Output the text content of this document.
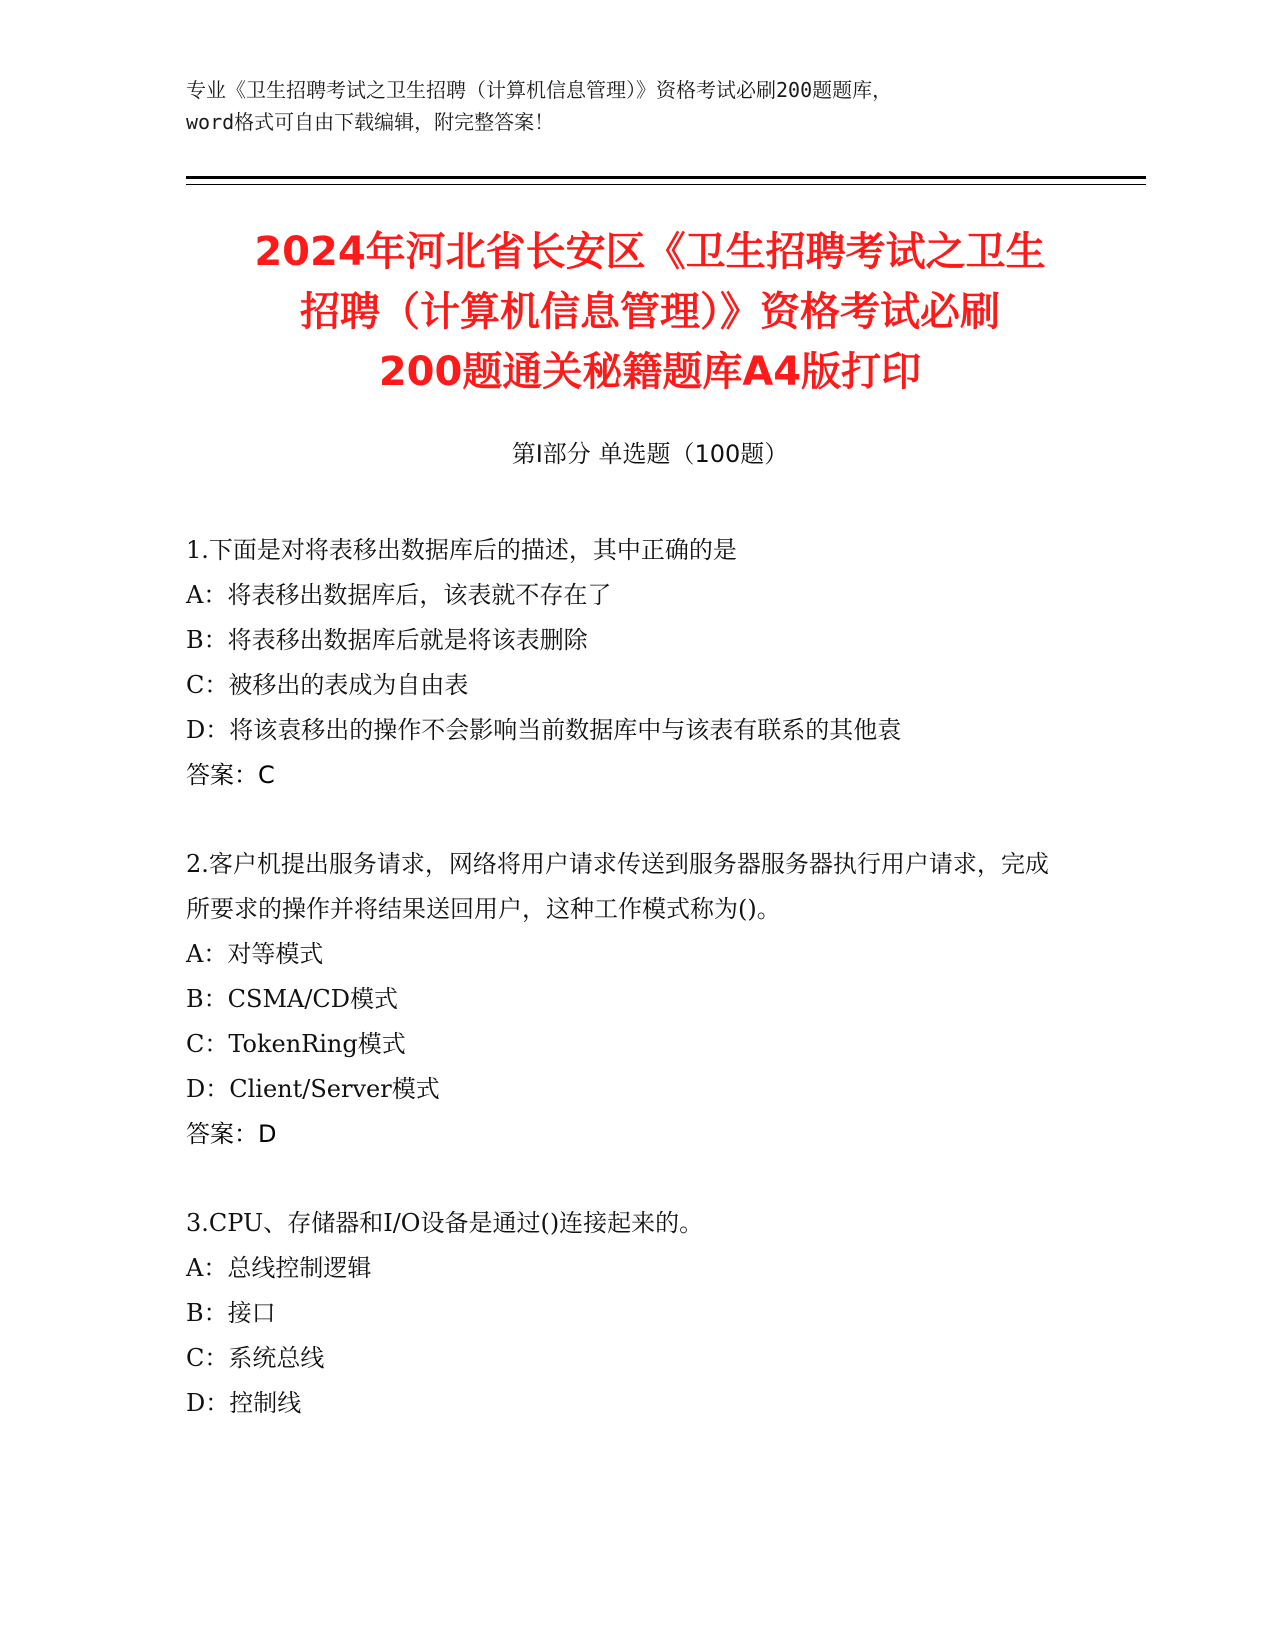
专业《卫生招聘考试之卫生招聘（计算机信息管理）》资格考试必刷200题题库，
word格式可自由下载编辑，附完整答案！
2024年河北省长安区《卫生招聘考试之卫生
招聘（计算机信息管理）》资格考试必刷
200题通关秘籍题库A4版打印
第Ⅰ部分 单选题（100题）
1.下面是对将表移出数据库后的描述，其中正确的是
A：将表移出数据库后，该表就不存在了
B：将表移出数据库后就是将该表删除
C：被移出的表成为自由表
D：将该袁移出的操作不会影响当前数据库中与该表有联系的其他袁
答案：C
2.客户机提出服务请求，网络将用户请求传送到服务器服务器执行用户请求，完成所要求的操作并将结果送回用户，这种工作模式称为()。
A：对等模式
B：CSMA/CD模式
C：TokenRing模式
D：Client/Server模式
答案：D
3.CPU、存储器和I/O设备是通过()连接起来的。
A：总线控制逻辑
B：接口
C：系统总线
D：控制线
